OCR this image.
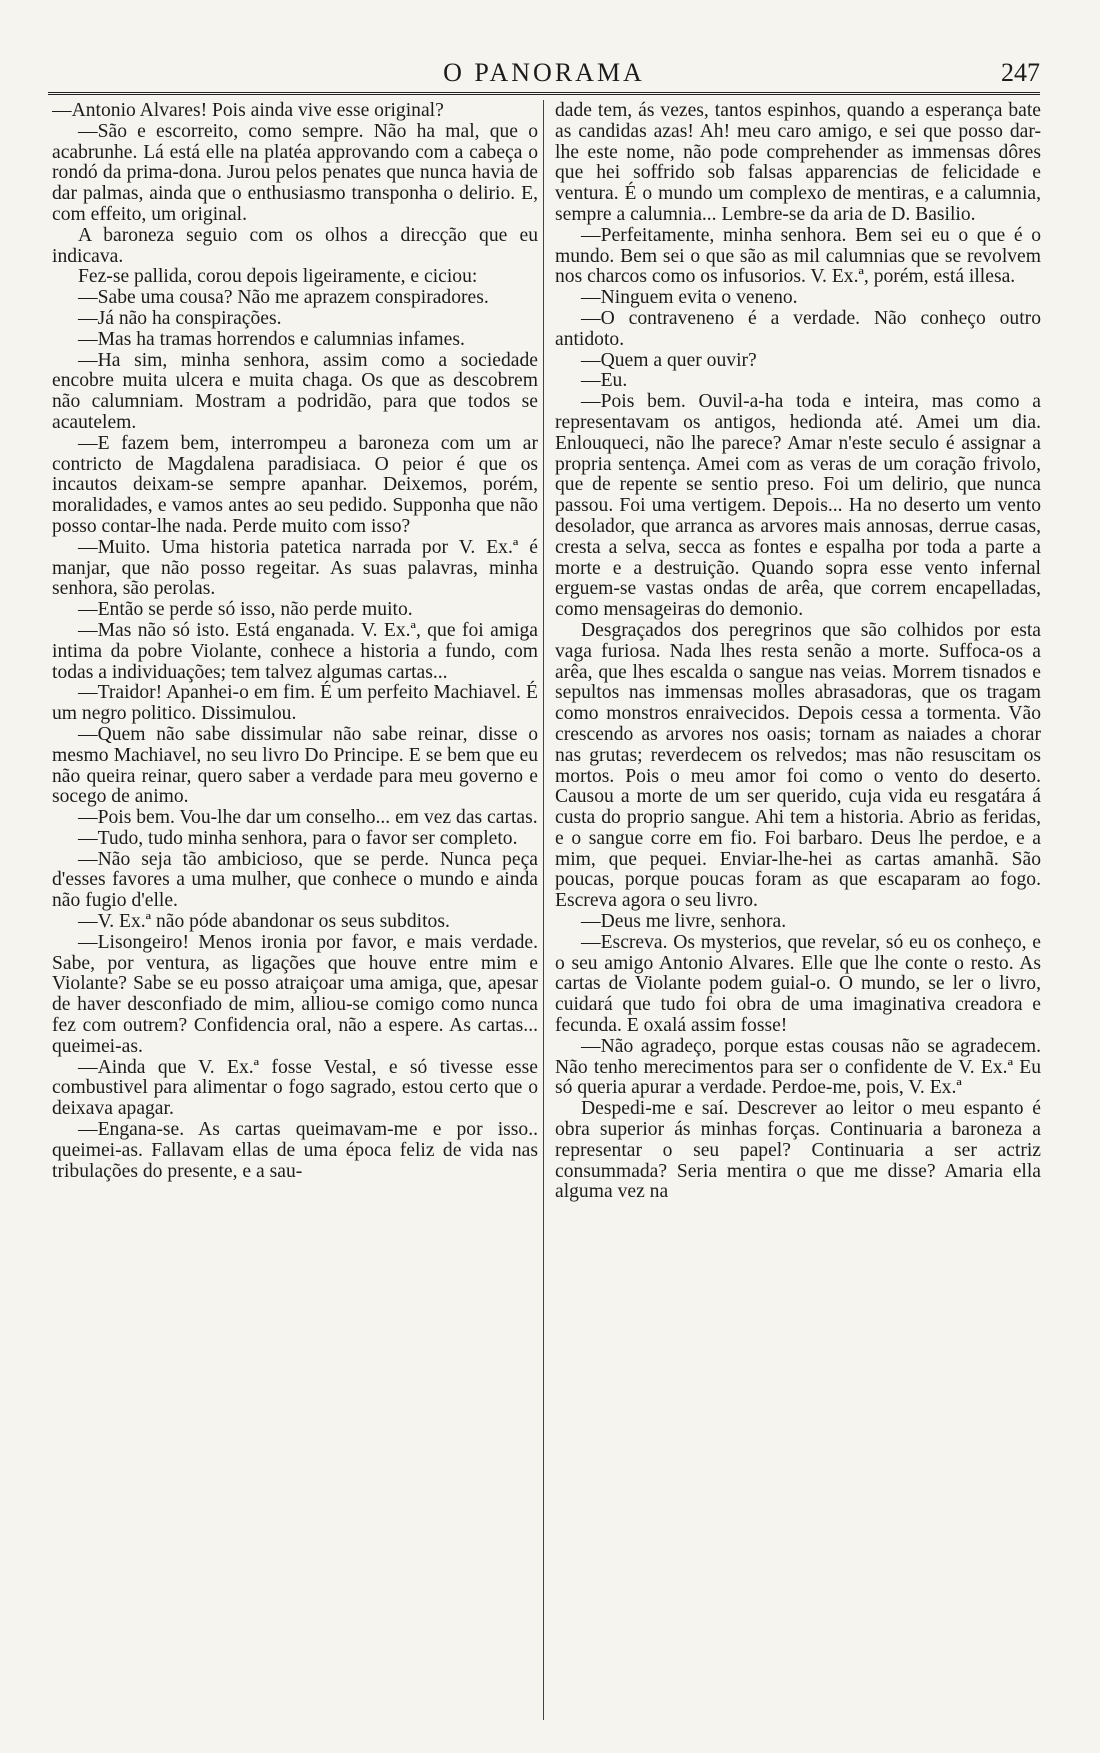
O PANORAMA	247

—Antonio Alvares! Pois ainda vive esse original?

—São e escorreito, como sempre. Não ha mal, que o acabrunhe. Lá está elle na platéa approvando com a cabeça o rondó da prima-dona. Jurou pelos penates que nunca havia de dar palmas, ainda que o enthusiasmo transponha o delirio. E, com effeito, um original.

A baroneza seguio com os olhos a direcção que eu indicava.

Fez-se pallida, corou depois ligeiramente, e ciciou:

—Sabe uma cousa? Não me aprazem conspiradores.

—Já não ha conspirações.

—Mas ha tramas horrendos e calumnias infames.

—Ha sim, minha senhora, assim como a sociedade encobre muita ulcera e muita chaga. Os que as descobrem não calumniam. Mostram a podridão, para que todos se acautelem.

—E fazem bem, interrompeu a baroneza com um ar contricto de Magdalena paradisiaca. O peior é que os incautos deixam-se sempre apanhar. Deixemos, porém, moralidades, e vamos antes ao seu pedido. Supponha que não posso contar-lhe nada. Perde muito com isso?

—Muito. Uma historia patetica narrada por V. Ex.ª é manjar, que não posso regeitar. As suas palavras, minha senhora, são perolas.

—Então se perde só isso, não perde muito.

—Mas não só isto. Está enganada. V. Ex.ª, que foi amiga intima da pobre Violante, conhece a historia a fundo, com todas a individuações; tem talvez algumas cartas...

—Traidor! Apanhei-o em fim. É um perfeito Machiavel. É um negro politico. Dissimulou.

—Quem não sabe dissimular não sabe reinar, disse o mesmo Machiavel, no seu livro Do Principe. E se bem que eu não queira reinar, quero saber a verdade para meu governo e socego de animo.

—Pois bem. Vou-lhe dar um conselho... em vez das cartas.

—Tudo, tudo minha senhora, para o favor ser completo.

—Não seja tão ambicioso, que se perde. Nunca peça d'esses favores a uma mulher, que conhece o mundo e ainda não fugio d'elle.

—V. Ex.ª não póde abandonar os seus subditos.

—Lisongeiro! Menos ironia por favor, e mais verdade. Sabe, por ventura, as ligações que houve entre mim e Violante? Sabe se eu posso atraiçoar uma amiga, que, apesar de haver desconfiado de mim, alliou-se comigo como nunca fez com outrem? Confidencia oral, não a espere. As cartas... queimei-as.

—Ainda que V. Ex.ª fosse Vestal, e só tivesse esse combustivel para alimentar o fogo sagrado, estou certo que o deixava apagar.

—Engana-se. As cartas queimavam-me e por isso.. queimei-as. Fallavam ellas de uma época feliz de vida nas tribulações do presente, e a sau-

dade tem, ás vezes, tantos espinhos, quando a esperança bate as candidas azas! Ah! meu caro amigo, e sei que posso dar-lhe este nome, não pode comprehender as immensas dôres que hei soffrido sob falsas apparencias de felicidade e ventura. É o mundo um complexo de mentiras, e a calumnia, sempre a calumnia... Lembre-se da aria de D. Basilio.

—Perfeitamente, minha senhora. Bem sei eu o que é o mundo. Bem sei o que são as mil calumnias que se revolvem nos charcos como os infusorios. V. Ex.ª, porém, está illesa.

—Ninguem evita o veneno.

—O contraveneno é a verdade. Não conheço outro antidoto.

—Quem a quer ouvir?

—Eu.

—Pois bem. Ouvil-a-ha toda e inteira, mas como a representavam os antigos, hedionda até. Amei um dia. Enlouqueci, não lhe parece? Amar n'este seculo é assignar a propria sentença. Amei com as veras de um coração frivolo, que de repente se sentio preso. Foi um delirio, que nunca passou. Foi uma vertigem. Depois... Ha no deserto um vento desolador, que arranca as arvores mais annosas, derrue casas, cresta a selva, secca as fontes e espalha por toda a parte a morte e a destruição. Quando sopra esse vento infernal erguem-se vastas ondas de arêa, que correm encapelladas, como mensageiras do demonio.

Desgraçados dos peregrinos que são colhidos por esta vaga furiosa. Nada lhes resta senão a morte. Suffoca-os a arêa, que lhes escalda o sangue nas veias. Morrem tisnados e sepultos nas immensas molles abrasadoras, que os tragam como monstros enraivecidos. Depois cessa a tormenta. Vão crescendo as arvores nos oasis; tornam as naiades a chorar nas grutas; reverdecem os relvedos; mas não resuscitam os mortos. Pois o meu amor foi como o vento do deserto. Causou a morte de um ser querido, cuja vida eu resgatára á custa do proprio sangue. Ahi tem a historia. Abrio as feridas, e o sangue corre em fio. Foi barbaro. Deus lhe perdoe, e a mim, que pequei. Enviar-lhe-hei as cartas amanhã. São poucas, porque poucas foram as que escaparam ao fogo. Escreva agora o seu livro.

—Deus me livre, senhora.

—Escreva. Os mysterios, que revelar, só eu os conheço, e o seu amigo Antonio Alvares. Elle que lhe conte o resto. As cartas de Violante podem guial-o. O mundo, se ler o livro, cuidará que tudo foi obra de uma imaginativa creadora e fecunda. E oxalá assim fosse!

—Não agradeço, porque estas cousas não se agradecem. Não tenho merecimentos para ser o confidente de V. Ex.ª Eu só queria apurar a verdade. Perdoe-me, pois, V. Ex.ª

Despedi-me e saí. Descrever ao leitor o meu espanto é obra superior ás minhas forças. Continuaria a baroneza a representar o seu papel? Continuaria a ser actriz consummada? Seria mentira o que me disse? Amaria ella alguma vez na
